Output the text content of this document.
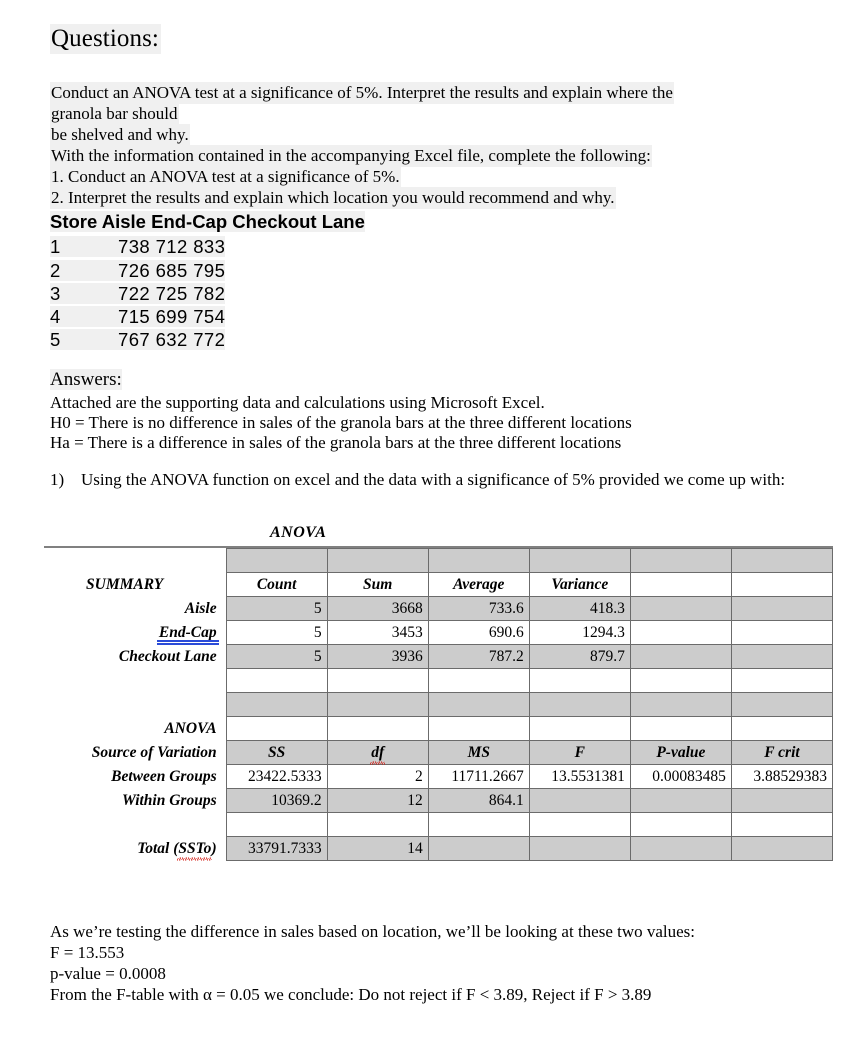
Questions:
Conduct an ANOVA test at a significance of 5%. Interpret the results and explain where the
granola bar should
be shelved and why.
With the information contained in the accompanying Excel file, complete the following:
1. Conduct an ANOVA test at a significance of 5%.
2. Interpret the results and explain which location you would recommend and why.
Store Aisle End-Cap Checkout Lane
1	738 712 833
2	726 685 795
3	722 725 782
4	715 699 754
5	767 632 772
Answers:
Attached are the supporting data and calculations using Microsoft Excel.
H0 = There is no difference in sales of the granola bars at the three different locations
Ha = There is a difference in sales of the granola bars at the three different locations
1) Using the ANOVA function on excel and the data with a significance of 5% provided we come up with:
ANOVA

SUMMARY	Count	Sum	Average	Variance		
Aisle	5	3668	733.6	418.3		
End-Cap	5	3453	690.6	1294.3		
Checkout Lane	5	3936	787.2	879.7		

ANOVA						
Source of Variation	SS	df	MS	F	P-value	F crit
Between Groups	23422.5333	2	11711.2667	13.5531381	0.00083485	3.88529383
Within Groups	10369.2	12	864.1			

Total (SSTo)	33791.7333	14				
As we’re testing the difference in sales based on location, we’ll be looking at these two values:
F = 13.553
p-value = 0.0008
From the F-table with α = 0.05 we conclude: Do not reject if F < 3.89, Reject if F > 3.89
